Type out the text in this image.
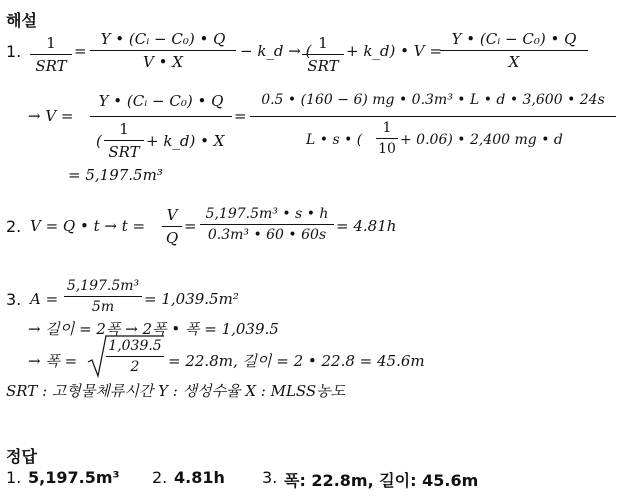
해설
1.	1
SRT
=
Y • (Cᵢ − C₀) • Q
V • X
− k_d → ( 1
SRT
+ k_d) • V =
Y • (Cᵢ − C₀) • Q
X
→ V =
Y • (Cᵢ − C₀) • Q
(
1
SRT
+ k_d) • X
=
0.5 • (160 − 6) mg • 0.3m³ • L • d • 3,600 • 24s
L • s • (
1
10
+ 0.06) • 2,400 mg • d
= 5,197.5m³
2. V = Q • t → t =
V
Q
=
5,197.5m³ • s • h
0.3m³ • 60 • 60s = 4.81h
3. A =
5,197.5m³
5m	= 1,039.5m²
→ 길이 = 2폭 → 2폭 • 폭 = 1,039.5
→ 폭 =
1,039.5
2	= 22.8m, 길이 = 2 • 22.8 = 45.6m
SRT : 고형물체류시간 Y : 생성수율 X : MLSS농도
정답
1. 5,197.5m³ 2. 4.81h 3. 폭: 22.8m, 길이: 45.6m
